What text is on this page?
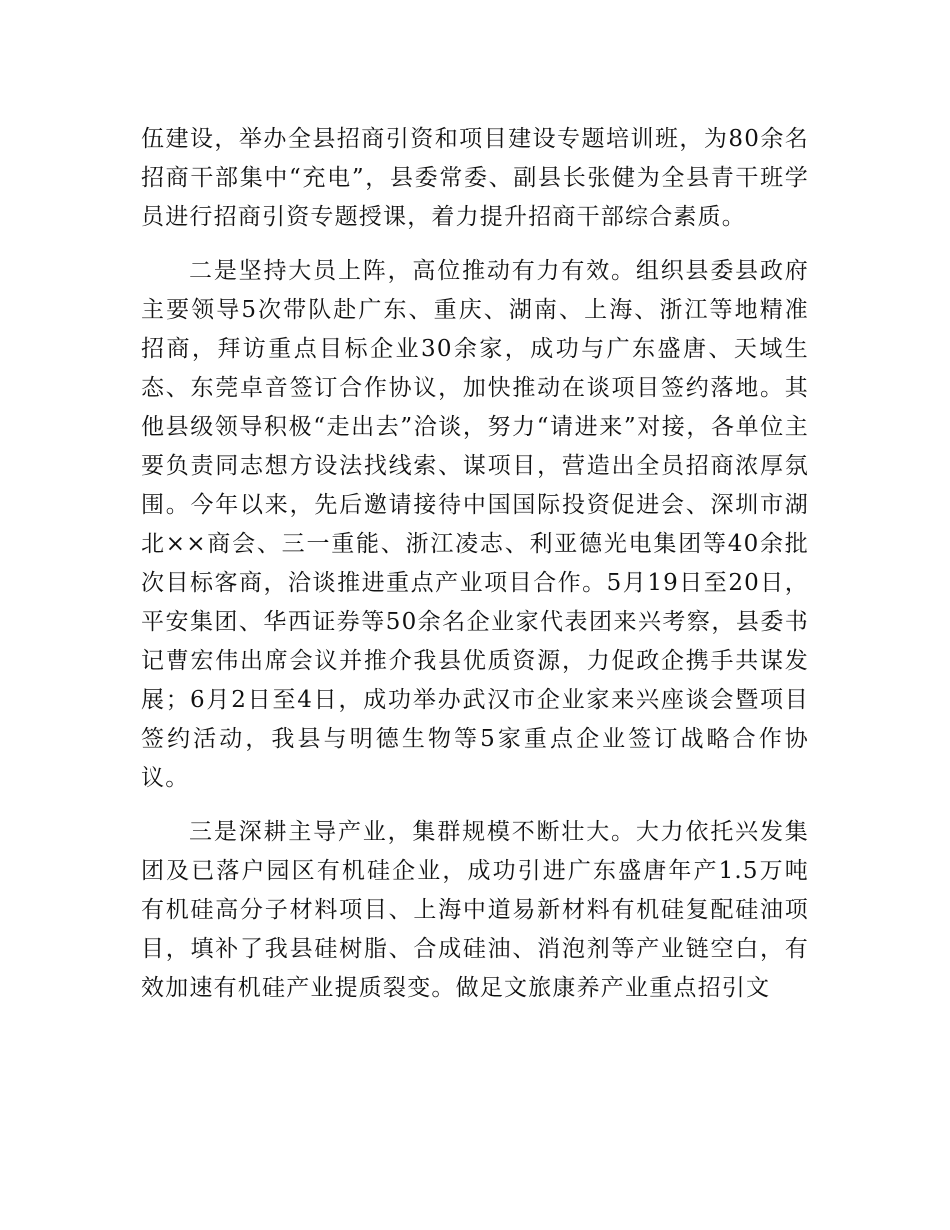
伍建设，举办全县招商引资和项目建设专题培训班，为80余名招商干部集中“充电”，县委常委、副县长张健为全县青干班学员进行招商引资专题授课，着力提升招商干部综合素质。

二是坚持大员上阵，高位推动有力有效。组织县委县政府主要领导5次带队赴广东、重庆、湖南、上海、浙江等地精准招商，拜访重点目标企业30余家，成功与广东盛唐、天域生态、东莞卓音签订合作协议，加快推动在谈项目签约落地。其他县级领导积极“走出去”洽谈，努力“请进来”对接，各单位主要负责同志想方设法找线索、谋项目，营造出全员招商浓厚氛围。今年以来，先后邀请接待中国国际投资促进会、深圳市湖北××商会、三一重能、浙江凌志、利亚德光电集团等40余批次目标客商，洽谈推进重点产业项目合作。5月19日至20日，平安集团、华西证券等50余名企业家代表团来兴考察，县委书记曹宏伟出席会议并推介我县优质资源，力促政企携手共谋发展；6月2日至4日，成功举办武汉市企业家来兴座谈会暨项目签约活动，我县与明德生物等5家重点企业签订战略合作协议。

三是深耕主导产业，集群规模不断壮大。大力依托兴发集团及已落户园区有机硅企业，成功引进广东盛唐年产1.5万吨有机硅高分子材料项目、上海中道易新材料有机硅复配硅油项目，填补了我县硅树脂、合成硅油、消泡剂等产业链空白，有效加速有机硅产业提质裂变。做足文旅康养产业重点招引文
